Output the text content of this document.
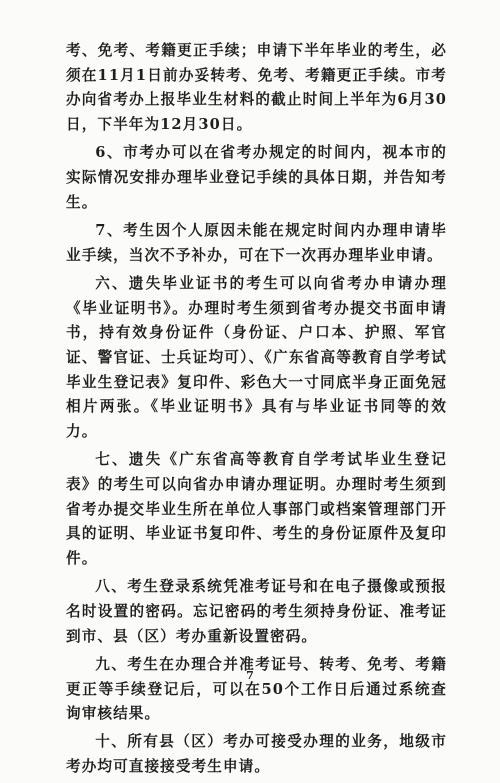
考、免考、考籍更正手续；申请下半年毕业的考生，必须在11月1日前办妥转考、免考、考籍更正手续。市考办向省考办上报毕业生材料的截止时间上半年为6月30日，下半年为12月30日。

6、市考办可以在省考办规定的时间内，视本市的实际情况安排办理毕业登记手续的具体日期，并告知考生。

7、考生因个人原因未能在规定时间内办理申请毕业手续，当次不予补办，可在下一次再办理毕业申请。

六、遗失毕业证书的考生可以向省考办申请办理《毕业证明书》。办理时考生须到省考办提交书面申请书，持有效身份证件（身份证、户口本、护照、军官证、警官证、士兵证均可）、《广东省高等教育自学考试毕业生登记表》复印件、彩色大一寸同底半身正面免冠相片两张。《毕业证明书》具有与毕业证书同等的效力。

七、遗失《广东省高等教育自学考试毕业生登记表》的考生可以向省办申请办理证明。办理时考生须到省考办提交毕业生所在单位人事部门或档案管理部门开具的证明、毕业证书复印件、考生的身份证原件及复印件。

八、考生登录系统凭准考证号和在电子摄像或预报名时设置的密码。忘记密码的考生须持身份证、准考证到市、县（区）考办重新设置密码。

九、考生在办理合并准考证号、转考、免考、考籍更正等手续登记后，可以在50个工作日后通过系统查询审核结果。

十、所有县（区）考办可接受办理的业务，地级市考办均可直接接受考生申请。

7
